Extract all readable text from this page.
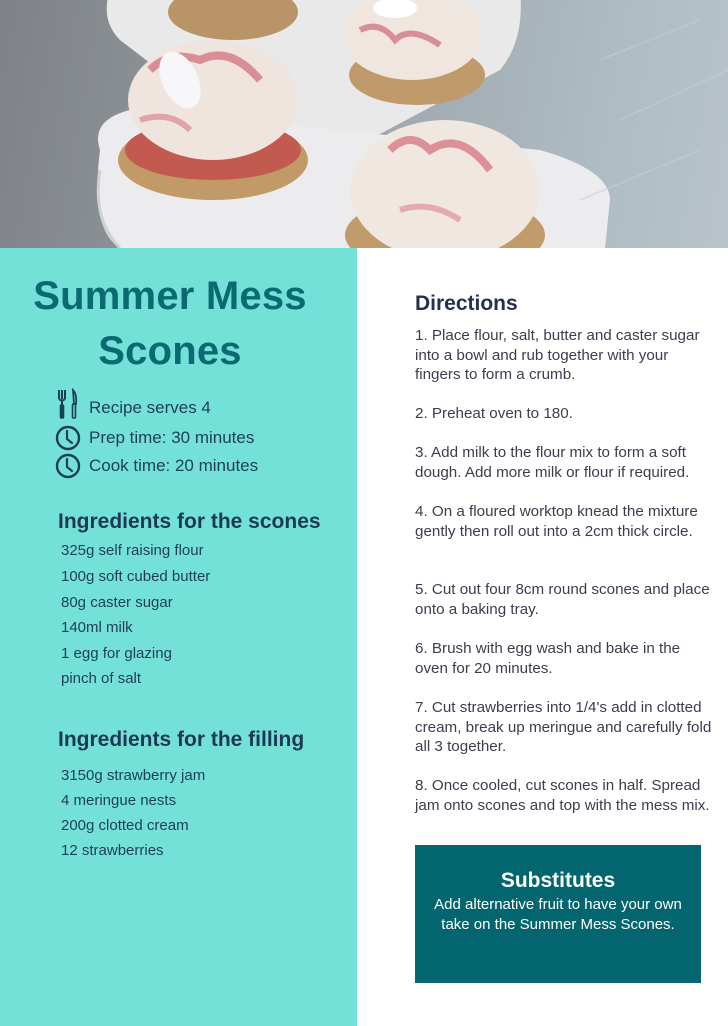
Summer Mess
Scones
Recipe serves 4
Prep time: 30 minutes
Cook time: 20 minutes
Ingredients for the scones
325g self raising flour
100g soft cubed butter
80g caster sugar
140ml milk
1 egg for glazing
pinch of salt
Ingredients for the filling
3150g strawberry jam
4 meringue nests
200g clotted cream
12 strawberries
Directions
1. Place flour, salt, butter and caster sugar into a bowl and rub together with your fingers to form a crumb.
2. Preheat oven to 180.
3. Add milk to the flour mix to form a soft dough. Add more milk or flour if required.
4. On a floured worktop knead the mixture gently then roll out into a 2cm thick circle.
5. Cut out four 8cm round scones and place onto a baking tray.
6. Brush with egg wash and bake in the oven for 20 minutes.
7. Cut strawberries into 1/4's add in clotted cream, break up meringue and carefully fold all 3 together.
8. Once cooled, cut scones in half. Spread jam onto scones and top with the mess mix.
Substitutes
Add alternative fruit to have your own take on the Summer Mess Scones.
